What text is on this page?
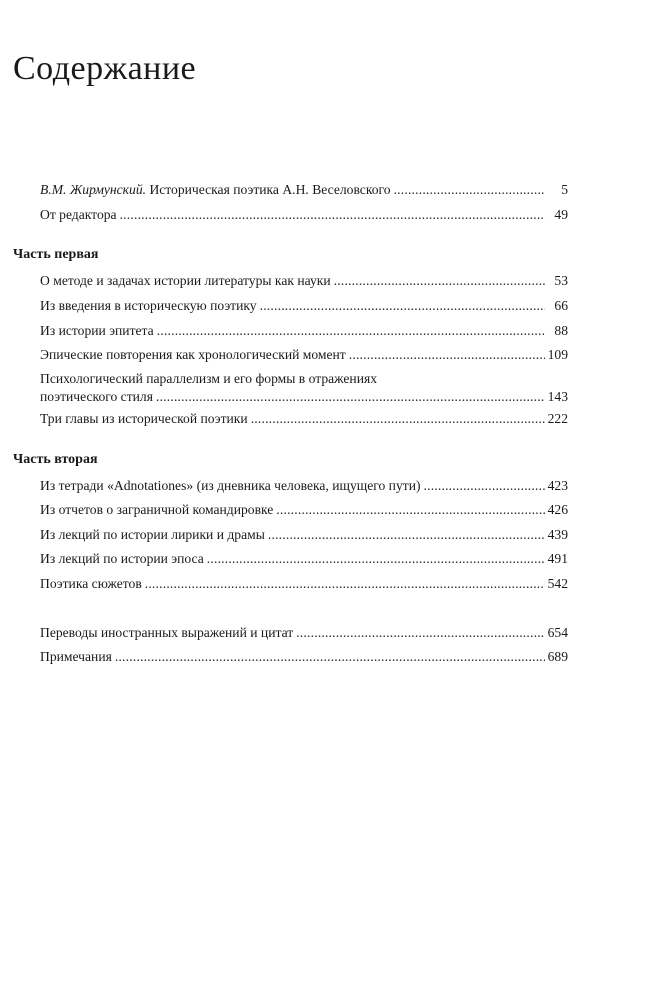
Содержание
В.М. Жирмунский.
Историческая поэтика А.Н. Веселовского . . .	5
От редактора . . .	49
Часть первая
О методе и задачах истории литературы как науки . . .	53
Из введения в историческую поэтику . . .	66
Из истории эпитета . . .	88
Эпические повторения как хронологический момент . . .	109
Психологический параллелизм и его формы в отражениях
поэтического стиля . . .	143
Три главы из исторической поэтики . . .	222
Часть вторая
Из тетради «Adnotationes» (из дневника человека, ищущего пути) . . .	423
Из отчетов о заграничной командировке . . .	426
Из лекций по истории лирики и драмы . . .	439
Из лекций по истории эпоса . . .	491
Поэтика сюжетов . . .	542
Переводы иностранных выражений и цитат . . .	654
Примечания . . .	689
